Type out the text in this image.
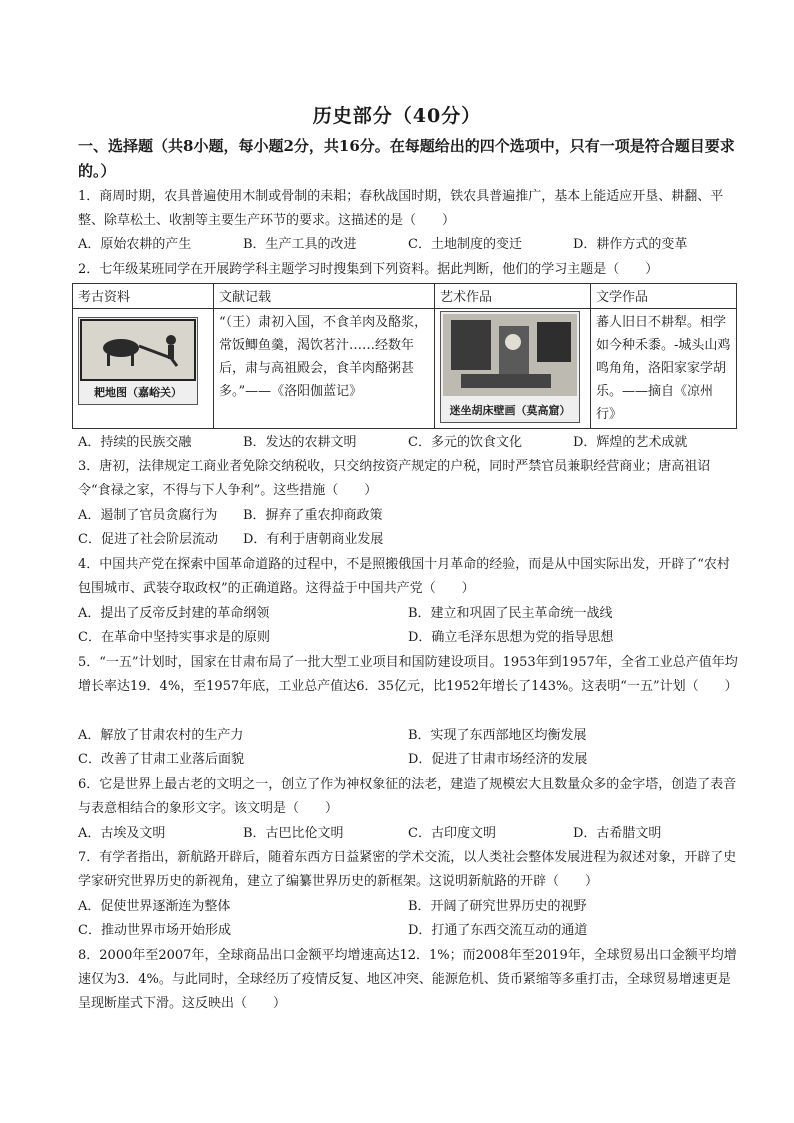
历史部分（40分）
一、选择题（共8小题，每小题2分，共16分。在每题给出的四个选项中，只有一项是符合题目要求的。）
1．商周时期，农具普遍使用木制或骨制的耒耜；春秋战国时期，铁农具普遍推广，基本上能适应开垦、耕翻、平整、除草松土、收割等主要生产环节的要求。这描述的是（　　）
A．原始农耕的产生	B．生产工具的改进	C．土地制度的变迁	D．耕作方式的变革
2．七年级某班同学在开展跨学科主题学习时搜集到下列资料。据此判断，他们的学习主题是（　　）
考古资料	文献记载	艺术作品	文学作品

耙地图（嘉峪关）	“（王）肃初入国，不食羊肉及酪浆，常饭鲫鱼羹，渴饮茗汁……经数年后，肃与高祖殿会，食羊肉酪粥甚多。”——《洛阳伽蓝记》	迷坐胡床壁画（莫高窟）	蕃人旧日不耕犁。相学如今种禾黍。-城头山鸡鸣角角，洛阳家家学胡乐。——摘自《凉州行》
A．持续的民族交融	B．发达的农耕文明	C．多元的饮食文化	D．辉煌的艺术成就
3．唐初，法律规定工商业者免除交纳税收，只交纳按资产规定的户税，同时严禁官员兼职经营商业；唐高祖诏令“食禄之家，不得与下人争利”。这些措施（　　）
A．遏制了官员贪腐行为 B．摒弃了重农抑商政策
C．促进了社会阶层流动 D．有利于唐朝商业发展
4．中国共产党在探索中国革命道路的过程中，不是照搬俄国十月革命的经验，而是从中国实际出发，开辟了“农村包围城市、武装夺取政权”的正确道路。这得益于中国共产党（　　）
A．提出了反帝反封建的革命纲领	B．建立和巩固了民主革命统一战线
C．在革命中坚持实事求是的原则	D．确立毛泽东思想为党的指导思想
5．“一五”计划时，国家在甘肃布局了一批大型工业项目和国防建设项目。1953年到1957年，全省工业总产值年均增长率达19．4%，至1957年底，工业总产值达6．35亿元，比1952年增长了143%。这表明“一五”计划（　　）
A．解放了甘肃农村的生产力	B．实现了东西部地区均衡发展
C．改善了甘肃工业落后面貌	D．促进了甘肃市场经济的发展
6．它是世界上最古老的文明之一，创立了作为神权象征的法老，建造了规模宏大且数量众多的金字塔，创造了表音与表意相结合的象形文字。该文明是（　　）
A．古埃及文明	B．古巴比伦文明	C．古印度文明	D．古希腊文明
7．有学者指出，新航路开辟后，随着东西方日益紧密的学术交流，以人类社会整体发展进程为叙述对象，开辟了史学家研究世界历史的新视角，建立了编纂世界历史的新框架。这说明新航路的开辟（　　）
A．促使世界逐渐连为整体	B．开阔了研究世界历史的视野
C．推动世界市场开始形成	D．打通了东西交流互动的通道
8．2000年至2007年，全球商品出口金额平均增速高达12．1%；而2008年至2019年，全球贸易出口金额平均增速仅为3．4%。与此同时，全球经历了疫情反复、地区冲突、能源危机、货币紧缩等多重打击，全球贸易增速更是呈现断崖式下滑。这反映出（　　）
